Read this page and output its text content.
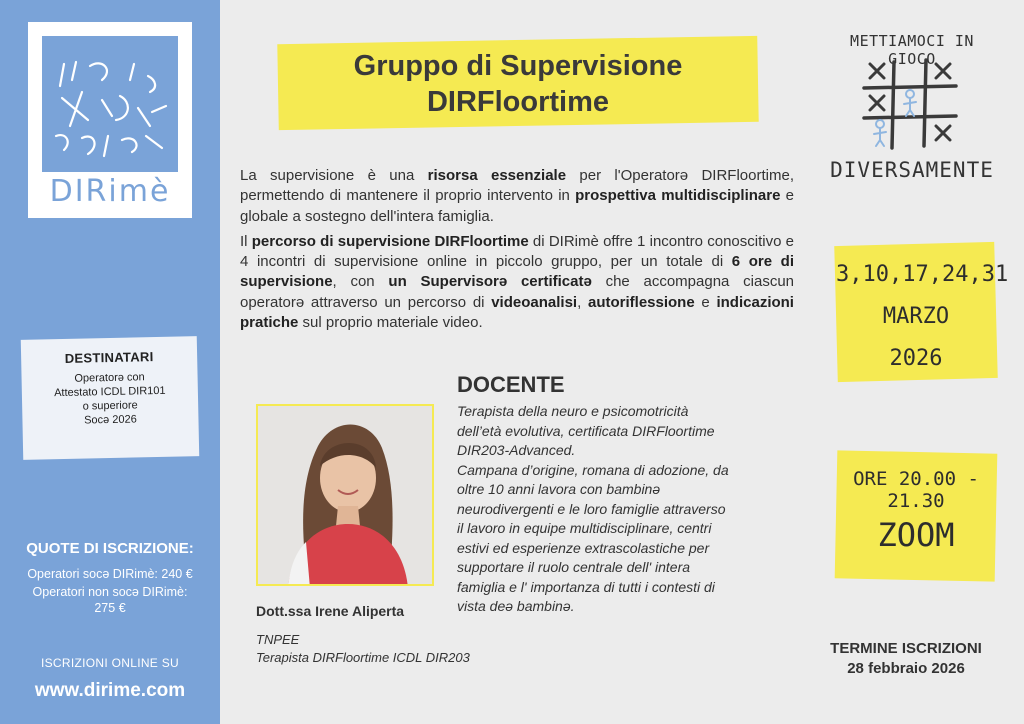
DIRimè
DESTINATARI
Operatorə con
Attestato ICDL DIR101
o superiore
Socə 2026
QUOTE DI ISCRIZIONE:
Operatori socə DIRimè: 240 €
Operatori non socə DIRimè:
275 €
ISCRIZIONI ONLINE SU
www.dirime.com
Gruppo di Supervisione
DIRFloortime

La supervisione è una risorsa essenziale per l'Operatorə DIRFloortime, permettendo di mantenere il proprio intervento in prospettiva multidisciplinare e globale a sostegno dell'intera famiglia.

Il percorso di supervisione DIRFloortime di DIRimè offre 1 incontro conoscitivo e 4 incontri di supervisione online in piccolo gruppo, per un totale di 6 ore di supervisione, con un Supervisorə certificatə che accompagna ciascun operatorə attraverso un percorso di videoanalisi, autoriflessione e indicazioni pratiche sul proprio materiale video.

DOCENTE
Terapista della neuro e psicomotricità
dell’età evolutiva, certificata DIRFloortime
DIR203-Advanced.
Campana d’origine, romana di adozione, da
oltre 10 anni lavora con bambinə
neurodivergenti e le loro famiglie attraverso
il lavoro in equipe multidisciplinare, centri
estivi ed esperienze extrascolastiche per
supportare il ruolo centrale dell' intera
famiglia e l' importanza di tutti i contesti di
vista deə bambinə.
Dott.ssa Irene Aliperta
TNPEE
Terapista DIRFloortime ICDL DIR203
METTIAMOCI IN GIOCO
DIVERSAMENTE
3,10,17,24,31
MARZO
2026
ORE 20.00 - 21.30
ZOOM
TERMINE ISCRIZIONI
28 febbraio 2026
